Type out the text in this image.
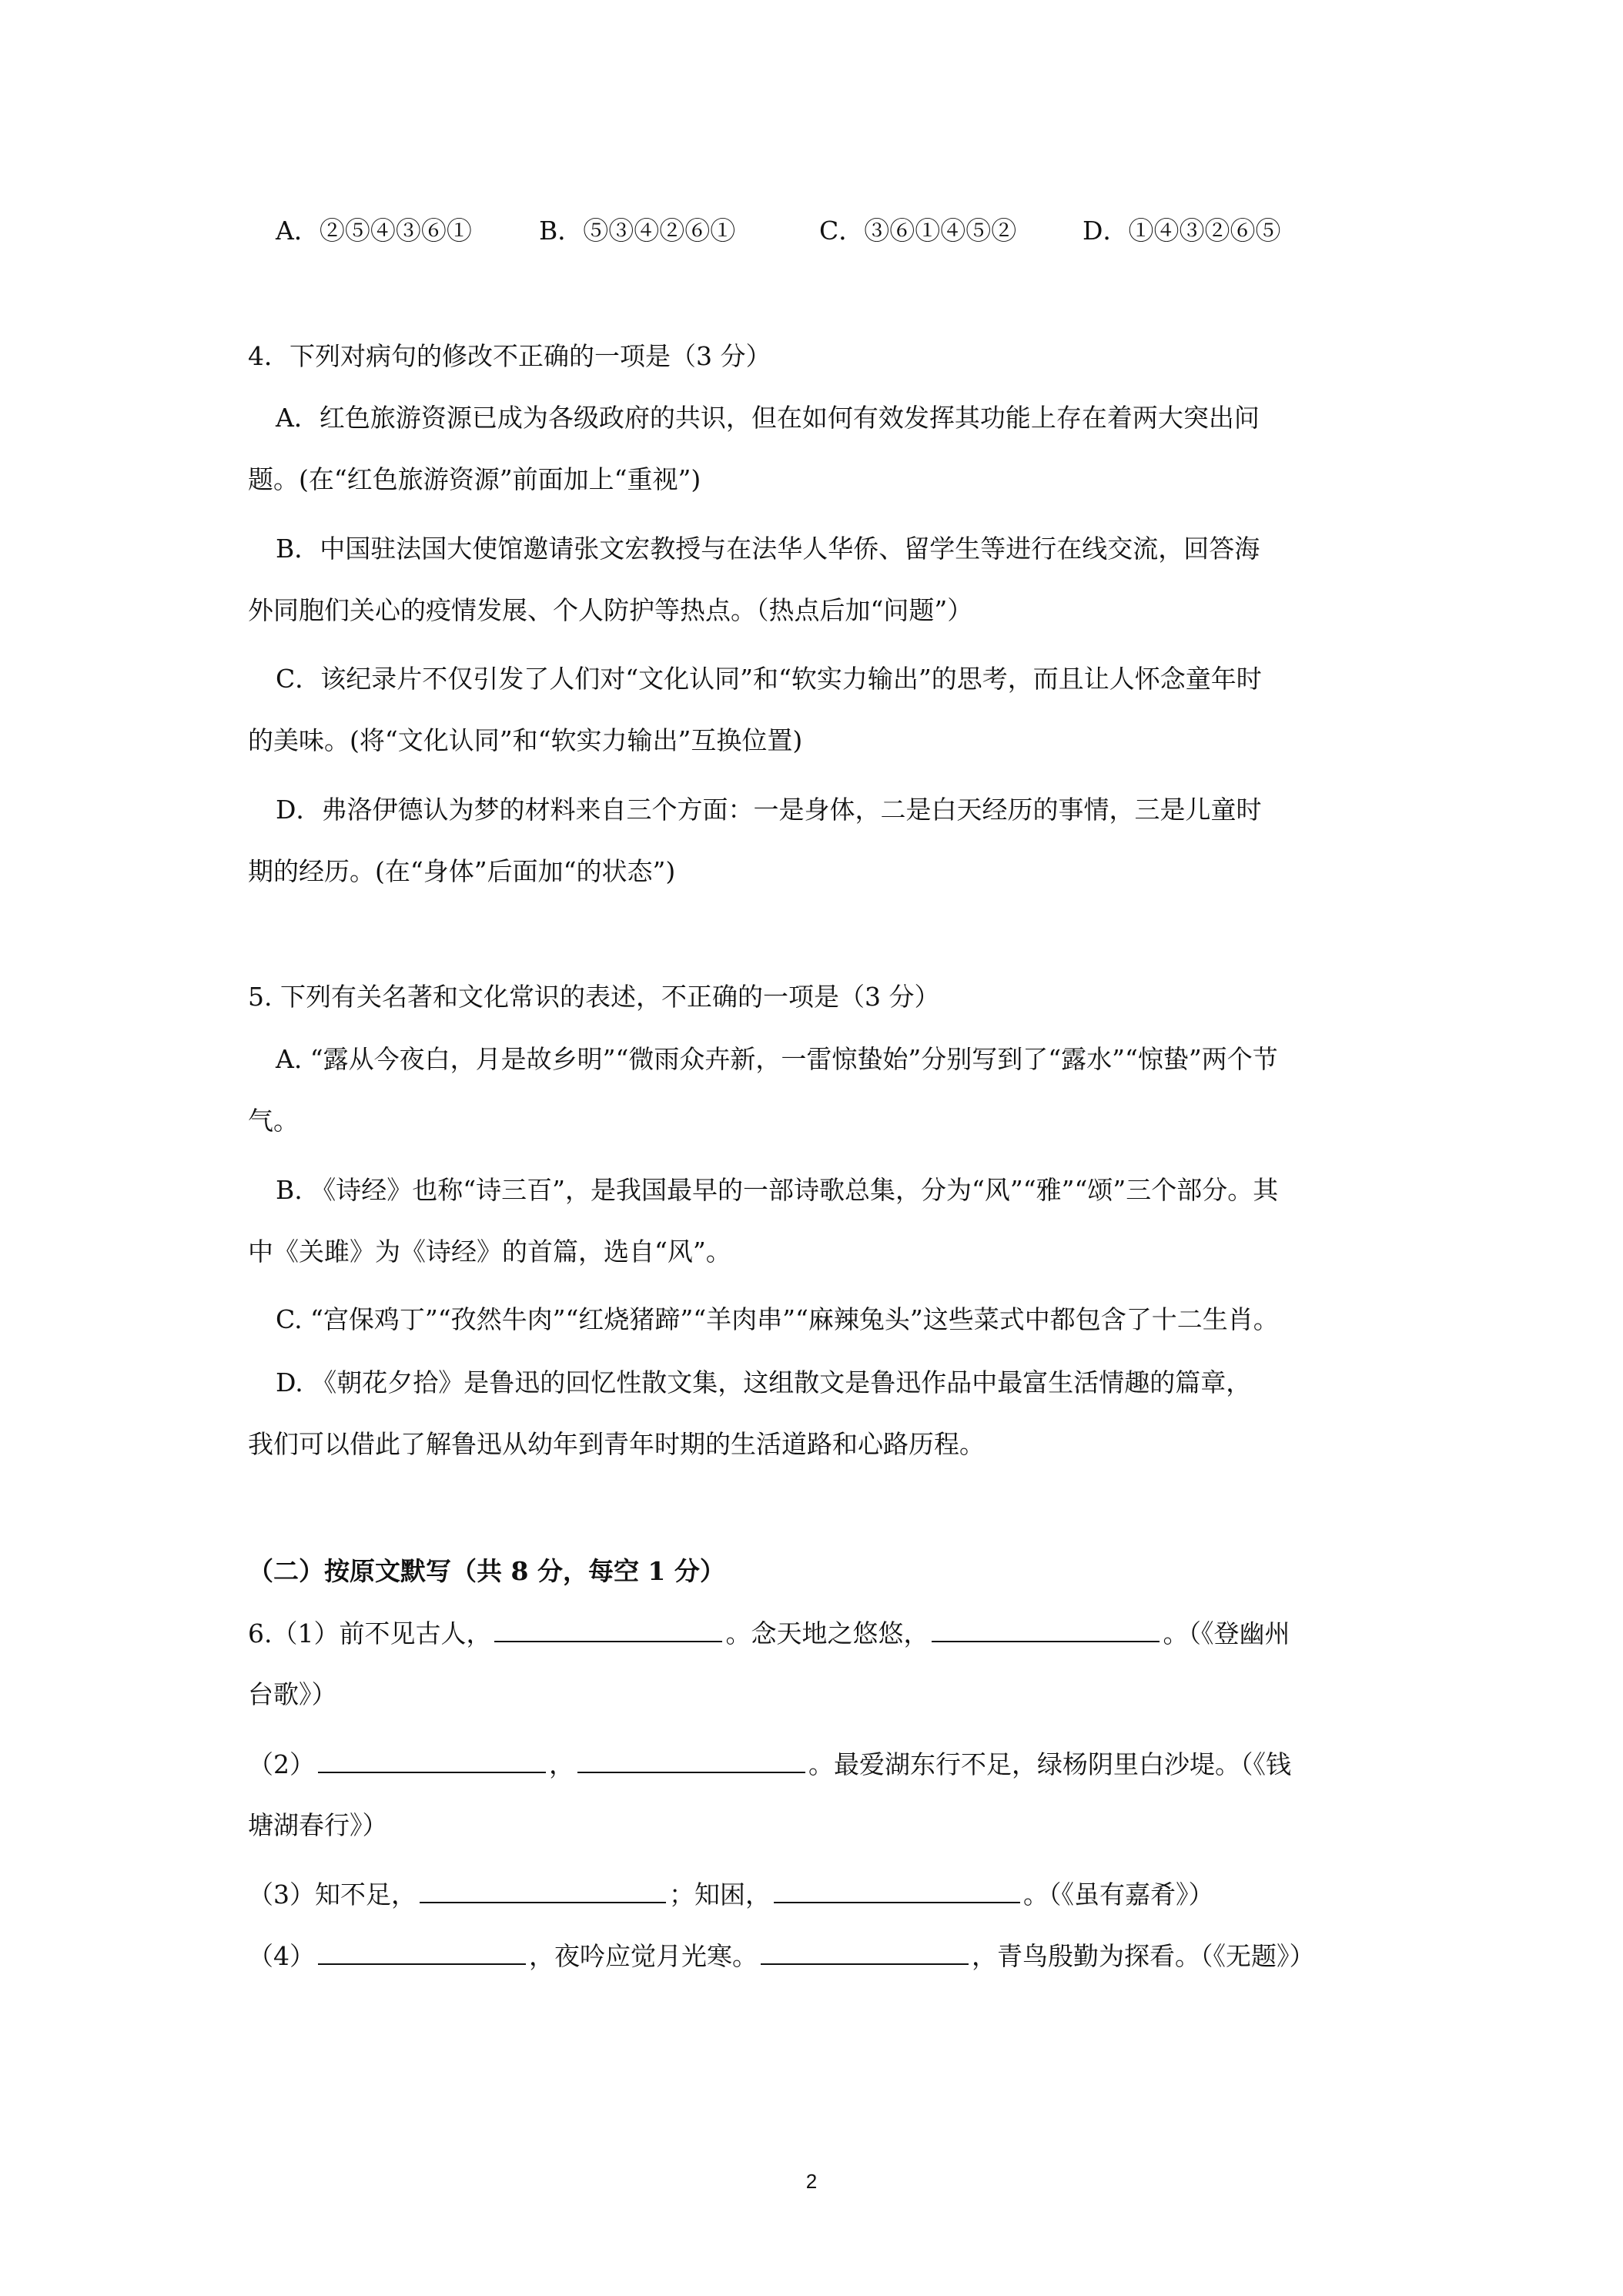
A．②⑤④③⑥①	B．⑤③④②⑥①	C．③⑥①④⑤②	D．①④③②⑥⑤
4．下列对病句的修改不正确的一项是（3 分）
A．红色旅游资源已成为各级政府的共识，但在如何有效发挥其功能上存在着两大突出问
题。(在“红色旅游资源”前面加上“重视”)
B．中国驻法国大使馆邀请张文宏教授与在法华人华侨、留学生等进行在线交流，回答海
外同胞们关心的疫情发展、个人防护等热点。（热点后加“问题”）
C．该纪录片不仅引发了人们对“文化认同”和“软实力输出”的思考，而且让人怀念童年时
的美味。(将“文化认同”和“软实力输出”互换位置)
D．弗洛伊德认为梦的材料来自三个方面：一是身体，二是白天经历的事情，三是儿童时
期的经历。(在“身体”后面加“的状态”)
5. 下列有关名著和文化常识的表述，不正确的一项是（3 分）
A. “露从今夜白，月是故乡明”“微雨众卉新，一雷惊蛰始”分别写到了“露水”“惊蛰”两个节
气。
B. 《诗经》也称“诗三百”，是我国最早的一部诗歌总集，分为“风”“雅”“颂”三个部分。其
中《关雎》为《诗经》的首篇，选自“风”。
C. “宫保鸡丁”“孜然牛肉”“红烧猪蹄”“羊肉串”“麻辣兔头”这些菜式中都包含了十二生肖。
D. 《朝花夕拾》是鲁迅的回忆性散文集，这组散文是鲁迅作品中最富生活情趣的篇章，
我们可以借此了解鲁迅从幼年到青年时期的生活道路和心路历程。
（二）按原文默写（共 8 分，每空 1 分）
6.（1）前不见古人，	。念天地之悠悠，	。（《登幽州
台歌》）
（2）	，	。最爱湖东行不足，绿杨阴里白沙堤。（《钱
塘湖春行》）
（3）知不足，	；知困，	。（《虽有嘉肴》）
（4）	，夜吟应觉月光寒。	，青鸟殷勤为探看。（《无题》）
2
